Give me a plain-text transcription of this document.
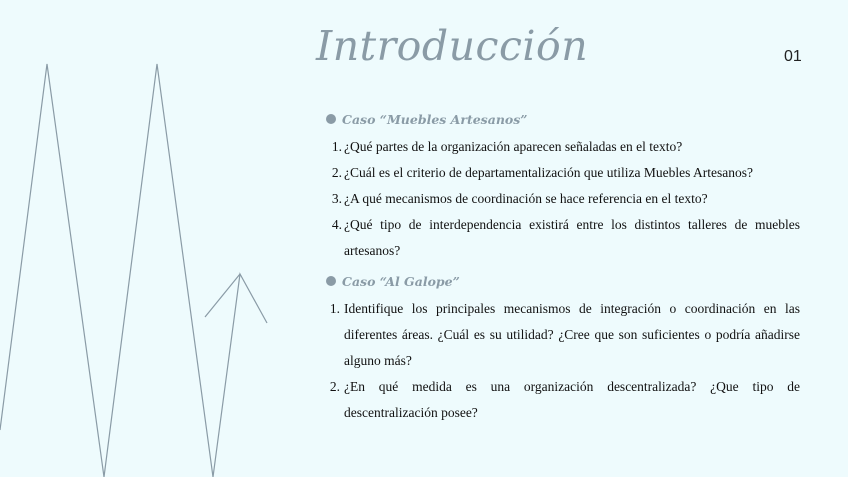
Introducción	01
Caso “Muebles Artesanos”
1. ¿Qué partes de la organización aparecen señaladas en el texto?
2. ¿Cuál es el criterio de departamentalización que utiliza Muebles Artesanos?
3. ¿A qué mecanismos de coordinación se hace referencia en el texto?
4. ¿Qué tipo de interdependencia existirá entre los distintos talleres de muebles artesanos?
Caso “Al Galope”
1. Identifique los principales mecanismos de integración o coordinación en las diferentes áreas. ¿Cuál es su utilidad? ¿Cree que son suficientes o podría añadirse alguno más?
2. ¿En qué medida es una organización descentralizada? ¿Que tipo de descentralización posee?
